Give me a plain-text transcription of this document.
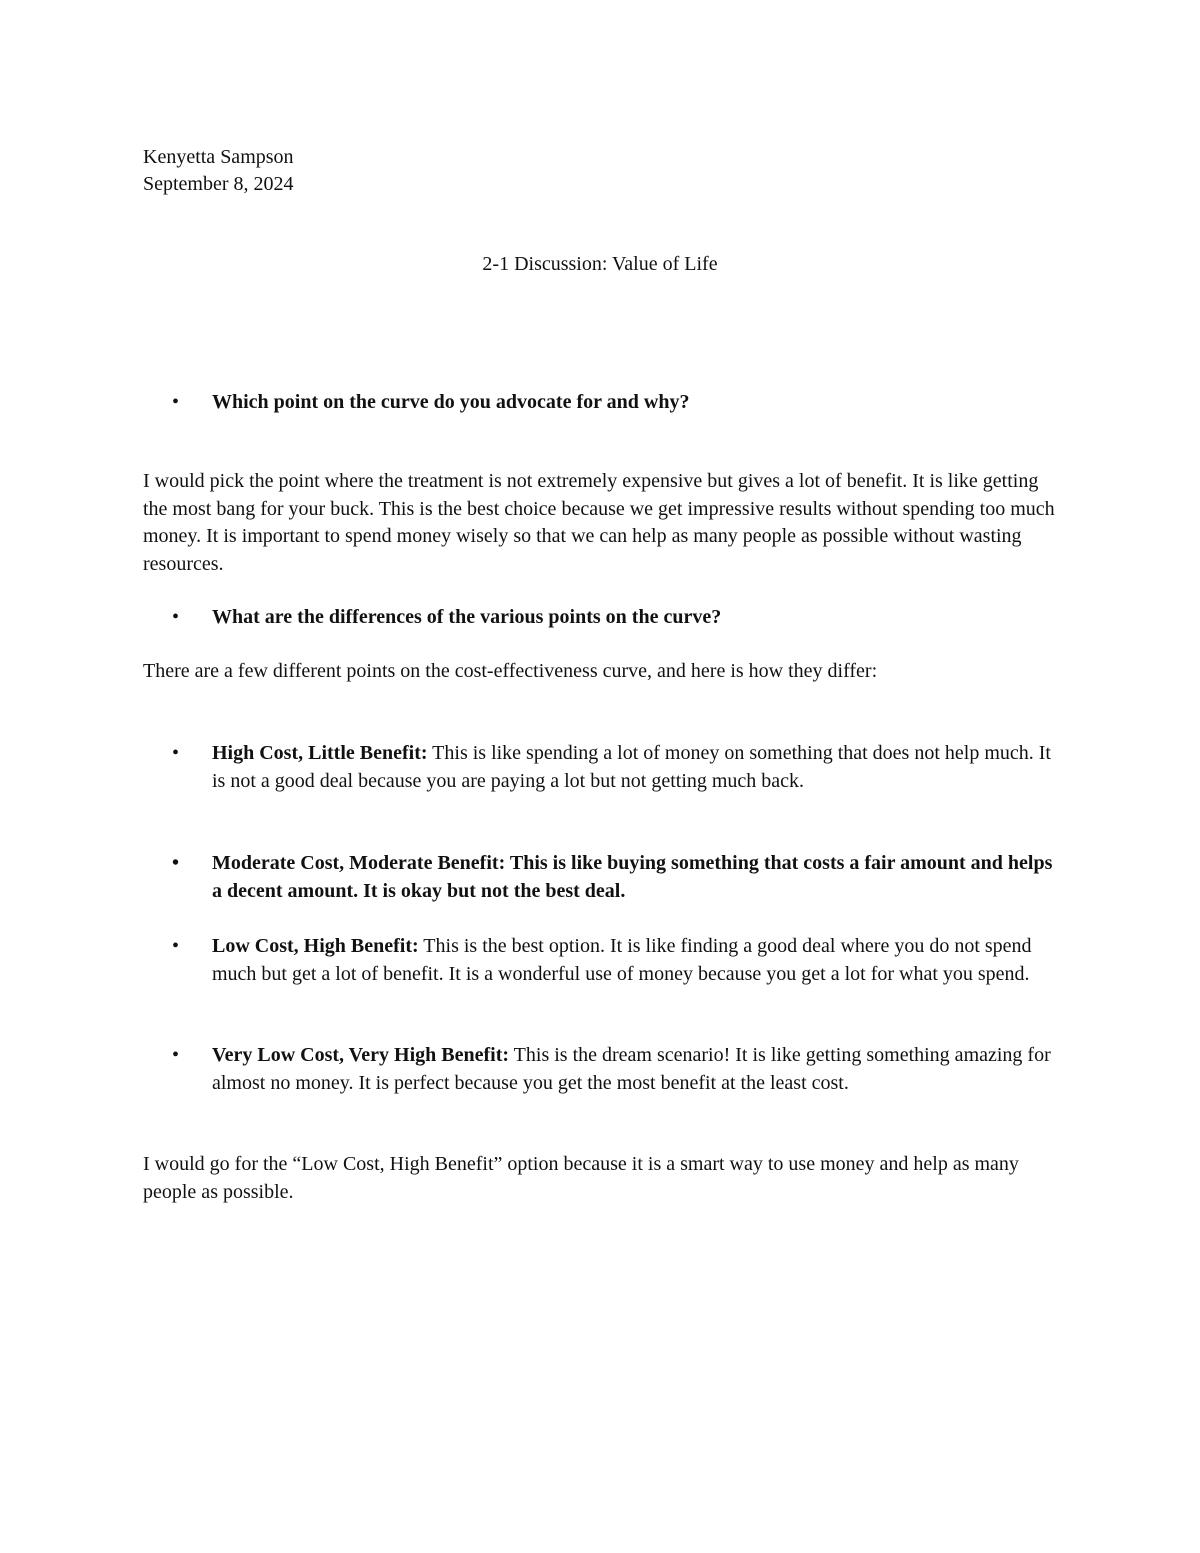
Kenyetta Sampson
September 8, 2024
2-1 Discussion: Value of Life
• Which point on the curve do you advocate for and why?
I would pick the point where the treatment is not extremely expensive but gives a lot of benefit. It is like getting the most bang for your buck. This is the best choice because we get impressive results without spending too much money. It is important to spend money wisely so that we can help as many people as possible without wasting resources.
• What are the differences of the various points on the curve?
There are a few different points on the cost-effectiveness curve, and here is how they differ:
• High Cost, Little Benefit: This is like spending a lot of money on something that does not help much. It is not a good deal because you are paying a lot but not getting much back.
• Moderate Cost, Moderate Benefit: This is like buying something that costs a fair amount and helps a decent amount. It is okay but not the best deal.
• Low Cost, High Benefit: This is the best option. It is like finding a good deal where you do not spend much but get a lot of benefit. It is a wonderful use of money because you get a lot for what you spend.
• Very Low Cost, Very High Benefit: This is the dream scenario! It is like getting something amazing for almost no money. It is perfect because you get the most benefit at the least cost.
I would go for the “Low Cost, High Benefit” option because it is a smart way to use money and help as many people as possible.
